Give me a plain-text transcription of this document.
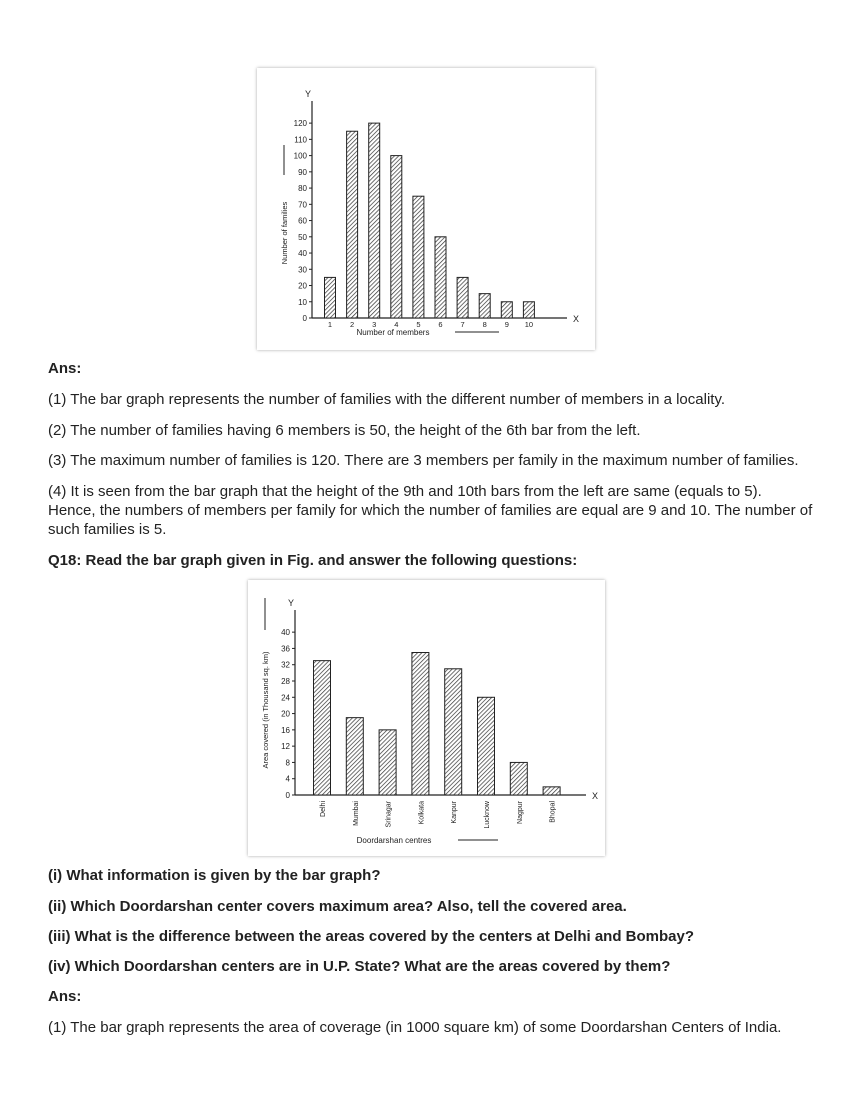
Y
X
0
10
20
30
40
50
60
70
80
90
100
110
120
1 2 3 4 5 6 7 8 9 10
Number of members
Number of families

Ans:

(1) The bar graph represents the number of families with the different number of members in a locality.

(2) The number of families having 6 members is 50, the height of the 6th bar from the left.

(3) The maximum number of families is 120. There are 3 members per family in the maximum number of families.

(4) It is seen from the bar graph that the height of the 9th and 10th bars from the left are same (equals to 5).

Hence, the numbers of members per family for which the number of families are equal are 9 and 10. The number of

such families is 5.

Q18: Read the bar graph given in Fig. and answer the following questions:

Y
X
0
4
8
12
16
20
24
28
32
36
40
Delhi	Mumbai	Srinagar	Kolkata	Kanpur	Lucknow	Nagpur	Bhopal
Doordarshan centres
Area covered (in Thousand sq. km)

(i) What information is given by the bar graph?

(ii) Which Doordarshan center covers maximum area? Also, tell the covered area.

(iii) What is the difference between the areas covered by the centers at Delhi and Bombay?

(iv) Which Doordarshan centers are in U.P. State? What are the areas covered by them?

Ans:

(1) The bar graph represents the area of coverage (in 1000 square km) of some Doordarshan Centers of India.
